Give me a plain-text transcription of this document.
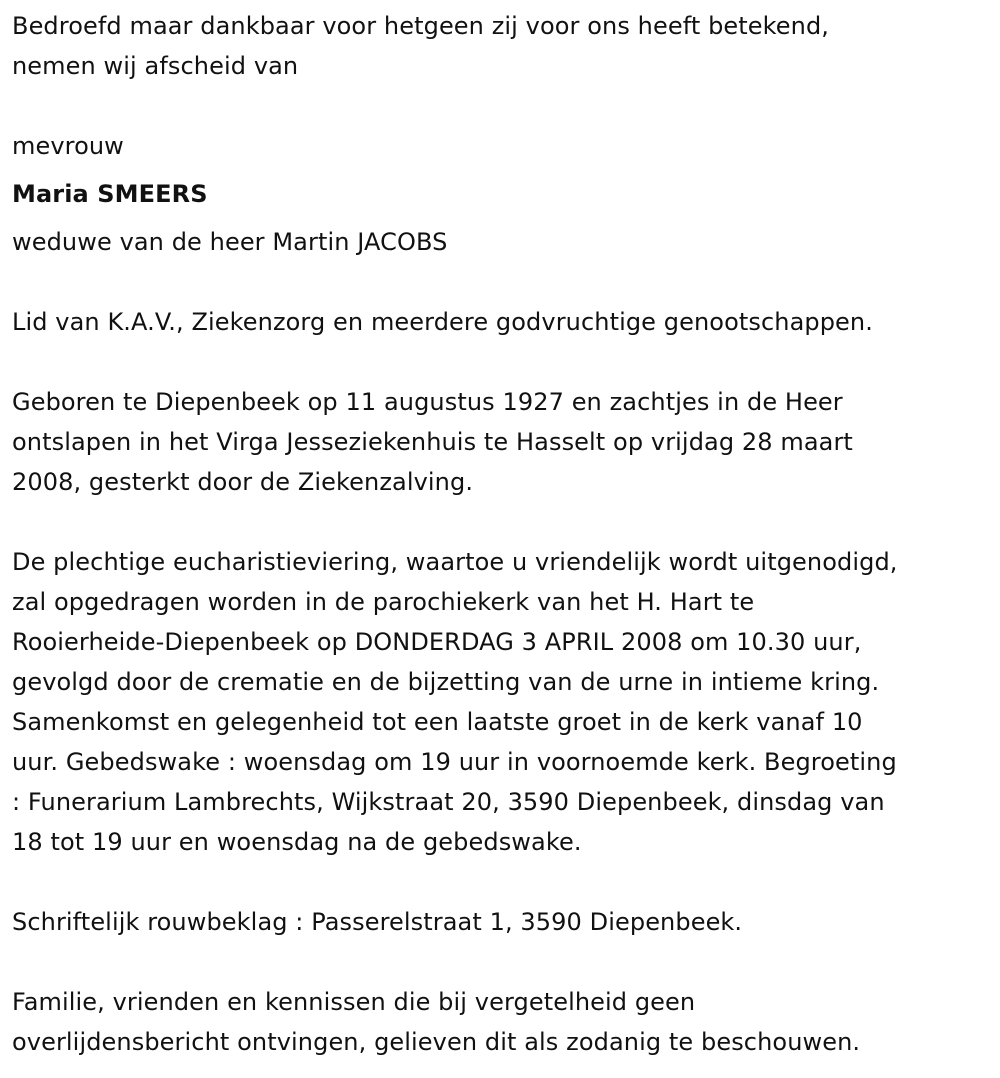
Bedroefd maar dankbaar voor hetgeen zij voor ons heeft betekend,
nemen wij afscheid van
mevrouw
Maria SMEERS
weduwe van de heer Martin JACOBS
Lid van K.A.V., Ziekenzorg en meerdere godvruchtige genootschappen.
Geboren te Diepenbeek op 11 augustus 1927 en zachtjes in de Heer
ontslapen in het Virga Jesseziekenhuis te Hasselt op vrijdag 28 maart
2008, gesterkt door de Ziekenzalving.
De plechtige eucharistieviering, waartoe u vriendelijk wordt uitgenodigd,
zal opgedragen worden in de parochiekerk van het H. Hart te
Rooierheide-Diepenbeek op DONDERDAG 3 APRIL 2008 om 10.30 uur,
gevolgd door de crematie en de bijzetting van de urne in intieme kring.
Samenkomst en gelegenheid tot een laatste groet in de kerk vanaf 10
uur. Gebedswake : woensdag om 19 uur in voornoemde kerk. Begroeting
: Funerarium Lambrechts, Wijkstraat 20, 3590 Diepenbeek, dinsdag van
18 tot 19 uur en woensdag na de gebedswake.
Schriftelijk rouwbeklag : Passerelstraat 1, 3590 Diepenbeek.
Familie, vrienden en kennissen die bij vergetelheid geen
overlijdensbericht ontvingen, gelieven dit als zodanig te beschouwen.
